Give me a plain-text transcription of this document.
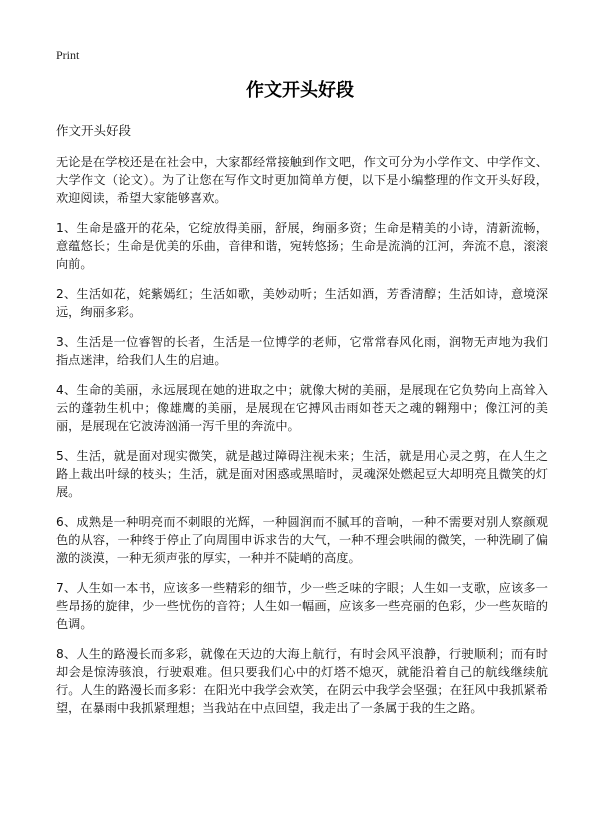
Print
作文开头好段

作文开头好段

无论是在学校还是在社会中，大家都经常接触到作文吧，作文可分为小学作文、中学作文、大学作文（论文）。为了让您在写作文时更加简单方便，以下是小编整理的作文开头好段，欢迎阅读，希望大家能够喜欢。

1、生命是盛开的花朵，它绽放得美丽，舒展，绚丽多资；生命是精美的小诗，清新流畅，意蕴悠长；生命是优美的乐曲，音律和谐，宛转悠扬；生命是流淌的江河，奔流不息，滚滚向前。

2、生活如花，姹紫嫣红；生活如歌，美妙动听；生活如酒，芳香清醇；生活如诗，意境深远，绚丽多彩。

3、生活是一位睿智的长者，生活是一位博学的老师，它常常春风化雨，润物无声地为我们指点迷津，给我们人生的启迪。

4、生命的美丽，永远展现在她的进取之中；就像大树的美丽，是展现在它负势向上高耸入云的蓬勃生机中；像雄鹰的美丽，是展现在它搏风击雨如苍天之魂的翱翔中；像江河的美丽，是展现在它波涛汹涌一泻千里的奔流中。

5、生活，就是面对现实微笑，就是越过障碍注视未来；生活，就是用心灵之剪，在人生之路上裁出叶绿的枝头；生活，就是面对困惑或黑暗时，灵魂深处燃起豆大却明亮且微笑的灯展。

6、成熟是一种明亮而不刺眼的光辉，一种圆润而不腻耳的音响，一种不需要对别人察颜观色的从容，一种终于停止了向周围申诉求告的大气，一种不理会哄闹的微笑，一种洗刷了偏激的淡漠，一种无须声张的厚实，一种并不陡峭的高度。

7、人生如一本书，应该多一些精彩的细节，少一些乏味的字眼；人生如一支歌，应该多一些昂扬的旋律，少一些忧伤的音符；人生如一幅画，应该多一些亮丽的色彩，少一些灰暗的色调。

8、人生的路漫长而多彩，就像在天边的大海上航行，有时会风平浪静，行驶顺利；而有时却会是惊涛骇浪，行驶艰难。但只要我们心中的灯塔不熄灭，就能沿着自己的航线继续航行。人生的路漫长而多彩：在阳光中我学会欢笑，在阴云中我学会坚强；在狂风中我抓紧希望，在暴雨中我抓紧理想；当我站在中点回望，我走出了一条属于我的生之路。
